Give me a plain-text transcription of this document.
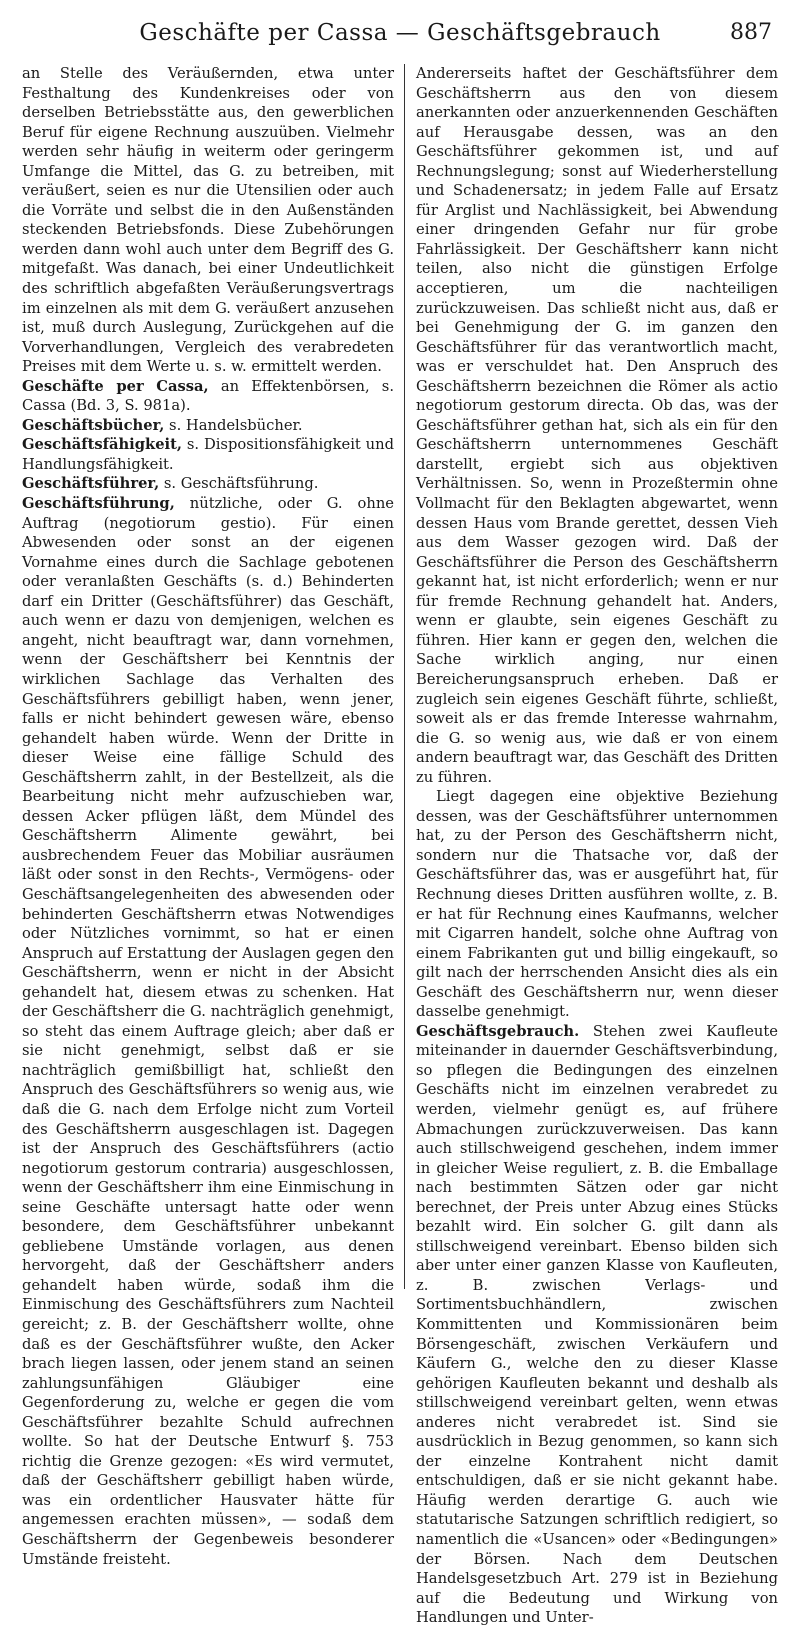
Geschäfte per Cassa — Geschäftsgebrauch	887

an Stelle des Veräußernden, etwa unter Festhaltung des Kundenkreises oder von derselben Betriebsstätte aus, den gewerblichen Beruf für eigene Rechnung auszuüben. Vielmehr werden sehr häufig in weiterm oder geringerm Umfange die Mittel, das G. zu betreiben, mit veräußert, seien es nur die Utensilien oder auch die Vorräte und selbst die in den Außenständen steckenden Betriebsfonds. Diese Zubehörungen werden dann wohl auch unter dem Begriff des G. mitgefaßt. Was danach, bei einer Undeutlichkeit des schriftlich abgefaßten Veräußerungsvertrags im einzelnen als mit dem G. veräußert anzusehen ist, muß durch Auslegung, Zurückgehen auf die Vorverhandlungen, Vergleich des verabredeten Preises mit dem Werte u. s. w. ermittelt werden.

Geschäfte per Cassa, an Effektenbörsen, s. Cassa (Bd. 3, S. 981a).

Geschäftsbücher, s. Handelsbücher.

Geschäftsfähigkeit, s. Dispositionsfähigkeit und Handlungsfähigkeit.

Geschäftsführer, s. Geschäftsführung.

Geschäftsführung, nützliche, oder G. ohne Auftrag (negotiorum gestio). Für einen Abwesenden oder sonst an der eigenen Vornahme eines durch die Sachlage gebotenen oder veranlaßten Geschäfts (s. d.) Behinderten darf ein Dritter (Geschäftsführer) das Geschäft, auch wenn er dazu von demjenigen, welchen es angeht, nicht beauftragt war, dann vornehmen, wenn der Geschäftsherr bei Kenntnis der wirklichen Sachlage das Verhalten des Geschäftsführers gebilligt haben, wenn jener, falls er nicht behindert gewesen wäre, ebenso gehandelt haben würde. Wenn der Dritte in dieser Weise eine fällige Schuld des Geschäftsherrn zahlt, in der Bestellzeit, als die Bearbeitung nicht mehr aufzuschieben war, dessen Acker pflügen läßt, dem Mündel des Geschäftsherrn Alimente gewährt, bei ausbrechendem Feuer das Mobiliar ausräumen läßt oder sonst in den Rechts-, Vermögens- oder Geschäftsangelegenheiten des abwesenden oder behinderten Geschäftsherrn etwas Notwendiges oder Nützliches vornimmt, so hat er einen Anspruch auf Erstattung der Auslagen gegen den Geschäftsherrn, wenn er nicht in der Absicht gehandelt hat, diesem etwas zu schenken. Hat der Geschäftsherr die G. nachträglich genehmigt, so steht das einem Auftrage gleich; aber daß er sie nicht genehmigt, selbst daß er sie nachträglich gemißbilligt hat, schließt den Anspruch des Geschäftsführers so wenig aus, wie daß die G. nach dem Erfolge nicht zum Vorteil des Geschäftsherrn ausgeschlagen ist. Dagegen ist der Anspruch des Geschäftsführers (actio negotiorum gestorum contraria) ausgeschlossen, wenn der Geschäftsherr ihm eine Einmischung in seine Geschäfte untersagt hatte oder wenn besondere, dem Geschäftsführer unbekannt gebliebene Umstände vorlagen, aus denen hervorgeht, daß der Geschäftsherr anders gehandelt haben würde, sodaß ihm die Einmischung des Geschäftsführers zum Nachteil gereicht; z. B. der Geschäftsherr wollte, ohne daß es der Geschäftsführer wußte, den Acker brach liegen lassen, oder jenem stand an seinen zahlungsunfähigen Gläubiger eine Gegenforderung zu, welche er gegen die vom Geschäftsführer bezahlte Schuld aufrechnen wollte. So hat der Deutsche Entwurf §. 753 richtig die Grenze gezogen: «Es wird vermutet, daß der Geschäftsherr gebilligt haben würde, was ein ordentlicher Hausvater hätte für angemessen erachten müssen», — sodaß dem Geschäftsherrn der Gegenbeweis besonderer Umstände freisteht.

Andererseits haftet der Geschäftsführer dem Geschäftsherrn aus den von diesem anerkannten oder anzuerkennenden Geschäften auf Herausgabe dessen, was an den Geschäftsführer gekommen ist, und auf Rechnungslegung; sonst auf Wiederherstellung und Schadenersatz; in jedem Falle auf Ersatz für Arglist und Nachlässigkeit, bei Abwendung einer dringenden Gefahr nur für grobe Fahrlässigkeit. Der Geschäftsherr kann nicht teilen, also nicht die günstigen Erfolge acceptieren, um die nachteiligen zurückzuweisen. Das schließt nicht aus, daß er bei Genehmigung der G. im ganzen den Geschäftsführer für das verantwortlich macht, was er verschuldet hat. Den Anspruch des Geschäftsherrn bezeichnen die Römer als actio negotiorum gestorum directa. Ob das, was der Geschäftsführer gethan hat, sich als ein für den Geschäftsherrn unternommenes Geschäft darstellt, ergiebt sich aus objektiven Verhältnissen. So, wenn in Prozeßtermin ohne Vollmacht für den Beklagten abgewartet, wenn dessen Haus vom Brande gerettet, dessen Vieh aus dem Wasser gezogen wird. Daß der Geschäftsführer die Person des Geschäftsherrn gekannt hat, ist nicht erforderlich; wenn er nur für fremde Rechnung gehandelt hat. Anders, wenn er glaubte, sein eigenes Geschäft zu führen. Hier kann er gegen den, welchen die Sache wirklich anging, nur einen Bereicherungsanspruch erheben. Daß er zugleich sein eigenes Geschäft führte, schließt, soweit als er das fremde Interesse wahrnahm, die G. so wenig aus, wie daß er von einem andern beauftragt war, das Geschäft des Dritten zu führen.

Liegt dagegen eine objektive Beziehung dessen, was der Geschäftsführer unternommen hat, zu der Person des Geschäftsherrn nicht, sondern nur die Thatsache vor, daß der Geschäftsführer das, was er ausgeführt hat, für Rechnung dieses Dritten ausführen wollte, z. B. er hat für Rechnung eines Kaufmanns, welcher mit Cigarren handelt, solche ohne Auftrag von einem Fabrikanten gut und billig eingekauft, so gilt nach der herrschenden Ansicht dies als ein Geschäft des Geschäftsherrn nur, wenn dieser dasselbe genehmigt.

Geschäftsgebrauch. Stehen zwei Kaufleute miteinander in dauernder Geschäftsverbindung, so pflegen die Bedingungen des einzelnen Geschäfts nicht im einzelnen verabredet zu werden, vielmehr genügt es, auf frühere Abmachungen zurückzuverweisen. Das kann auch stillschweigend geschehen, indem immer in gleicher Weise reguliert, z. B. die Emballage nach bestimmten Sätzen oder gar nicht berechnet, der Preis unter Abzug eines Stücks bezahlt wird. Ein solcher G. gilt dann als stillschweigend vereinbart. Ebenso bilden sich aber unter einer ganzen Klasse von Kaufleuten, z. B. zwischen Verlags- und Sortimentsbuchhändlern, zwischen Kommittenten und Kommissionären beim Börsengeschäft, zwischen Verkäufern und Käufern G., welche den zu dieser Klasse gehörigen Kaufleuten bekannt und deshalb als stillschweigend vereinbart gelten, wenn etwas anderes nicht verabredet ist. Sind sie ausdrücklich in Bezug genommen, so kann sich der einzelne Kontrahent nicht damit entschuldigen, daß er sie nicht gekannt habe. Häufig werden derartige G. auch wie statutarische Satzungen schriftlich redigiert, so namentlich die «Usancen» oder «Bedingungen» der Börsen. Nach dem Deutschen Handelsgesetzbuch Art. 279 ist in Beziehung auf die Bedeutung und Wirkung von Handlungen und Unter-
